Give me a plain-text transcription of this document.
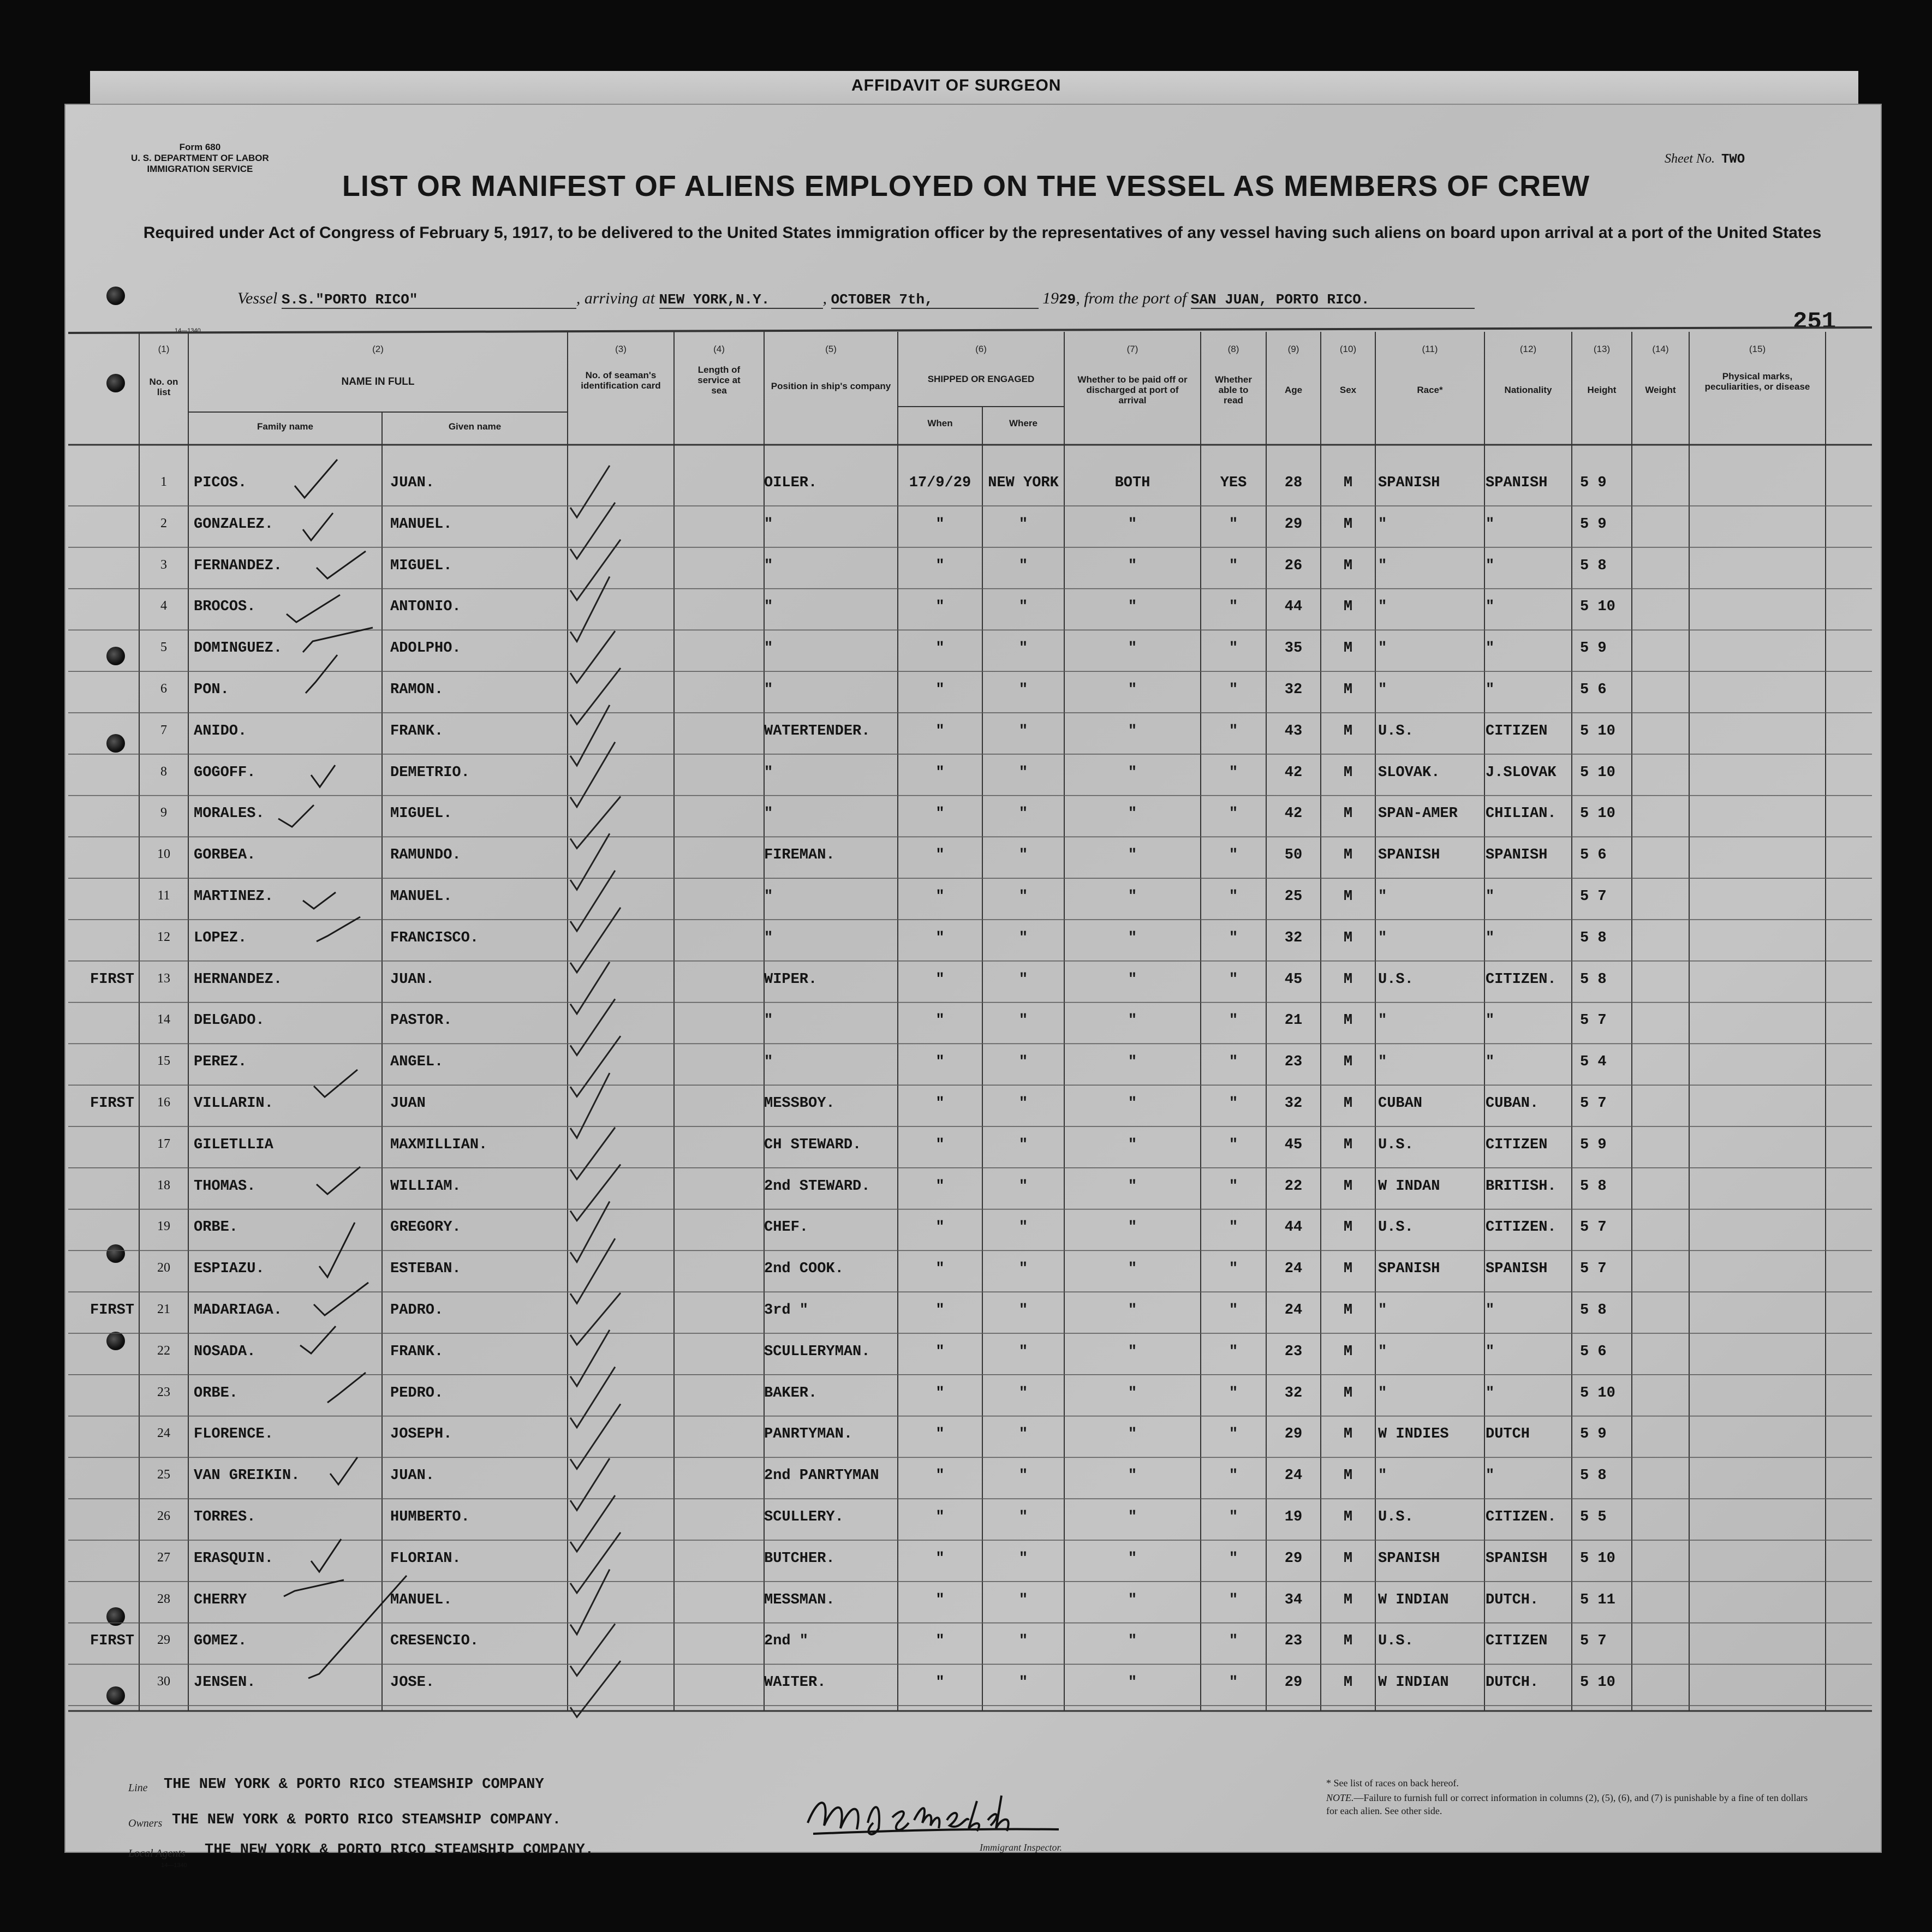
AFFIDAVIT OF SURGEON
Form 680
U. S. DEPARTMENT OF LABOR
IMMIGRATION SERVICE
Sheet No. TWO
LIST OR MANIFEST OF ALIENS EMPLOYED ON THE VESSEL AS MEMBERS OF CREW
Required under Act of Congress of February 5, 1917, to be delivered to the United States immigration officer by the representatives of any vessel having such aliens on board upon arrival at a port of the United States
Vessel S.S."PORTO RICO"	, arriving at NEW YORK,N.Y.	, OCTOBER 7th,	1929, from the port of SAN JUAN, PORTO RICO.
251
14—1340
(1)	(2)	(3)	(4)	(5)	(6)	(7)	(8)	(9)	(10)	(11)	(12)	(13)	(14)	(15)
No. on list
NAME IN FULL
Family name	Given name
No. of seaman's identification card
Length of service at sea	Position in ship's company
SHIPPED OR ENGAGED
When	Where
Whether to be paid off or discharged at port of arrival
Whether able to read
Age	Sex	Race*	Nationality	Height	Weight
Physical marks, peculiarities, or disease
1	PICOS.	JUAN.	OILER.	17/9/29	NEW YORK	BOTH	YES	28	M	SPANISH	SPANISH	5 9
2	GONZALEZ.	MANUEL.	"	"	"	"	"	29	M	"	"	5 9
3	FERNANDEZ.	MIGUEL.	"	"	"	"	"	26	M	"	"	5 8
4	BROCOS.	ANTONIO.	"	"	"	"	"	44	M	"	"	5 10
5	DOMINGUEZ.	ADOLPHO.	"	"	"	"	"	35	M	"	"	5 9
6	PON.	RAMON.	"	"	"	"	"	32	M	"	"	5 6
7	ANIDO.	FRANK.	WATERTENDER.	"	"	"	"	43	M	U.S.	CITIZEN	5 10
8	GOGOFF.	DEMETRIO.	"	"	"	"	"	42	M	SLOVAK.	J.SLOVAK	5 10
9	MORALES.	MIGUEL.	"	"	"	"	"	42	M	SPAN-AMER	CHILIAN.	5 10
10	GORBEA.	RAMUNDO.	FIREMAN.	"	"	"	"	50	M	SPANISH	SPANISH	5 6
11	MARTINEZ.	MANUEL.	"	"	"	"	"	25	M	"	"	5 7
12	LOPEZ.	FRANCISCO.	"	"	"	"	"	32	M	"	"	5 8
13	HERNANDEZ.	JUAN.	WIPER.	"	"	"	"	45	M	U.S.	CITIZEN.	5 8
FIRST
14	DELGADO.	PASTOR.	"	"	"	"	"	21	M	"	"	5 7
15	PEREZ.	ANGEL.	"	"	"	"	"	23	M	"	"	5 4
16	VILLARIN.	JUAN	MESSBOY.	"	"	"	"	32	M	CUBAN	CUBAN.	5 7
FIRST
17	GILETLLIA	MAXMILLIAN.	CH STEWARD.	"	"	"	"	45	M	U.S.	CITIZEN	5 9
18	THOMAS.	WILLIAM.	2nd STEWARD.	"	"	"	"	22	M	W INDAN	BRITISH.	5 8
19	ORBE.	GREGORY.	CHEF.	"	"	"	"	44	M	U.S.	CITIZEN.	5 7
20	ESPIAZU.	ESTEBAN.	2nd COOK.	"	"	"	"	24	M	SPANISH	SPANISH	5 7
21	MADARIAGA.	PADRO.	3rd "	"	"	"	"	24	M	"	"	5 8
FIRST
22	NOSADA.	FRANK.	SCULLERYMAN.	"	"	"	"	23	M	"	"	5 6
23	ORBE.	PEDRO.	BAKER.	"	"	"	"	32	M	"	"	5 10
24	FLORENCE.	JOSEPH.	PANRTYMAN.	"	"	"	"	29	M	W INDIES	DUTCH	5 9
25	VAN GREIKIN.	JUAN.	2nd PANRTYMAN	"	"	"	"	24	M	"	"	5 8
26	TORRES.	HUMBERTO.	SCULLERY.	"	"	"	"	19	M	U.S.	CITIZEN.	5 5
27	ERASQUIN.	FLORIAN.	BUTCHER.	"	"	"	"	29	M	SPANISH	SPANISH	5 10
28	CHERRY	MANUEL.	MESSMAN.	"	"	"	"	34	M	W INDIAN	DUTCH.	5 11
29	GOMEZ.	CRESENCIO.	2nd "	"	"	"	"	23	M	U.S.	CITIZEN	5 7
FIRST
30	JENSEN.	JOSE.	WAITER.	"	"	"	"	29	M	W INDIAN	DUTCH.	5 10
Line THE NEW YORK & PORTO RICO STEAMSHIP COMPANY
Owners THE NEW YORK & PORTO RICO STEAMSHIP COMPANY.
Local Agents THE NEW YORK & PORTO RICO STEAMSHIP COMPANY.
14—1340
Immigrant Inspector.
* See list of races on back hereof.
NOTE.—Failure to furnish full or correct information in columns (2), (5), (6), and (7) is punishable by a fine of ten dollars for each alien. See other side.
